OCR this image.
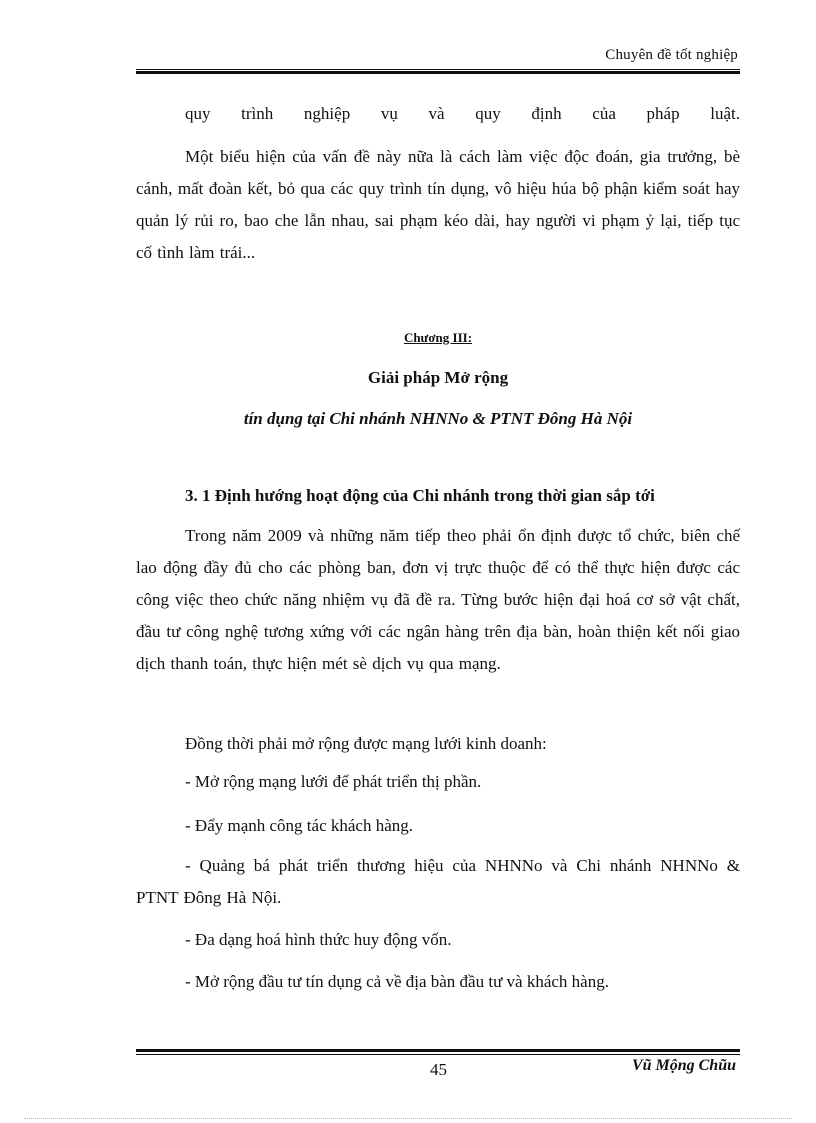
Chuyên đề tốt nghiệp
quy trình nghiệp vụ và quy định của pháp luật.
Một biểu hiện của vấn đề này nữa là cách làm việc độc đoán, gia trưởng, bè cánh, mất đoàn kết, bỏ qua các quy trình tín dụng, vô hiệu húa bộ phận kiểm soát hay quản lý rủi ro, bao che lẫn nhau, sai phạm kéo dài, hay người vi phạm ỷ lại, tiếp tục cố tình làm trái...
Chương III:
Giải pháp Mở rộng
tín dụng tại Chi nhánh NHNNo & PTNT Đông Hà Nội
3. 1 Định hướng hoạt động của Chi nhánh trong thời gian sắp tới
Trong năm 2009 và những năm tiếp theo phải ổn định được tổ chức, biên chế lao động đầy đủ cho các phòng ban, đơn vị trực thuộc để có thể thực hiện được các công việc theo chức năng nhiệm vụ đã đề ra. Từng bước hiện đại hoá cơ sở vật chất, đầu tư công nghệ tương xứng với các ngân hàng trên địa bàn, hoàn thiện kết nối giao dịch thanh toán, thực hiện mét sè dịch vụ qua mạng.
Đồng thời phải mở rộng được mạng lưới kinh doanh:
- Mở rộng mạng lưới để phát triển thị phần.
- Đẩy mạnh công tác khách hàng.
- Quảng bá phát triển thương hiệu của NHNNo và Chi nhánh NHNNo & PTNT Đông Hà Nội.
- Đa dạng hoá hình thức huy động vốn.
- Mở rộng đầu tư tín dụng cả về địa bàn đầu tư và khách hàng.
45	Vũ Mộng Chũu
